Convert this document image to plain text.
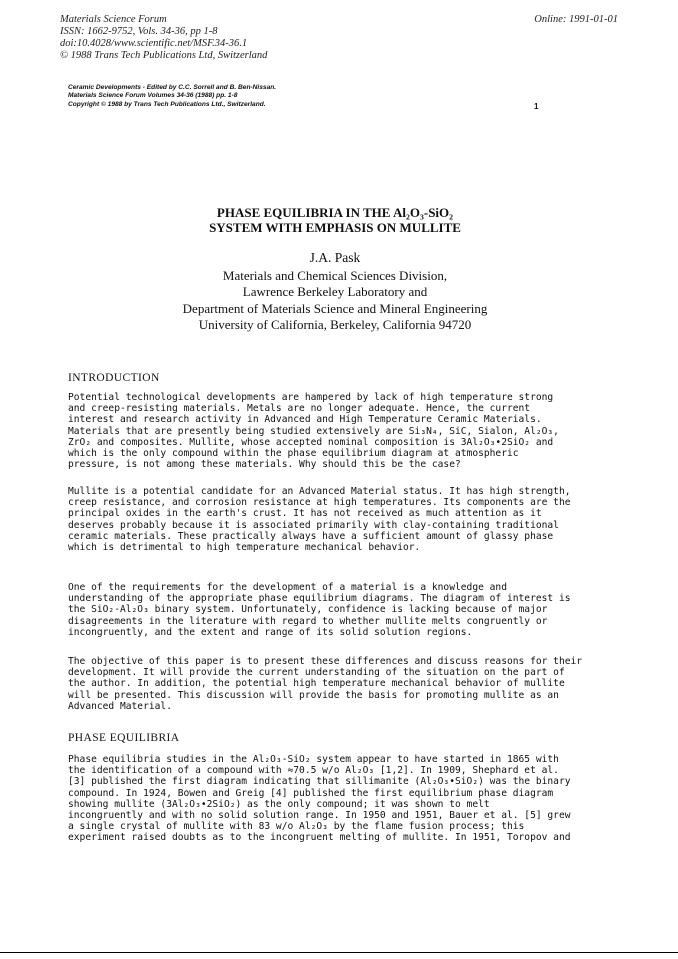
Materials Science Forum
ISSN: 1662-9752, Vols. 34-36, pp 1-8
doi:10.4028/www.scientific.net/MSF.34-36.1
© 1988 Trans Tech Publications Ltd, Switzerland
Online: 1991-01-01
Ceramic Developments - Edited by C.C. Sorrell and B. Ben-Nissan.
Materials Science Forum Volumes 34-36 (1988) pp. 1-8
Copyright © 1988 by Trans Tech Publications Ltd., Switzerland.	1
PHASE EQUILIBRIA IN THE Al₂O₃-SiO₂
SYSTEM WITH EMPHASIS ON MULLITE
J.A. Pask
Materials and Chemical Sciences Division,
Lawrence Berkeley Laboratory and
Department of Materials Science and Mineral Engineering
University of California, Berkeley, California 94720
INTRODUCTION

Potential technological developments are hampered by lack of high temperature strong
and creep-resisting materials. Metals are no longer adequate. Hence, the current
interest and research activity in Advanced and High Temperature Ceramic Materials.
Materials that are presently being studied extensively are Si₃N₄, SiC, Sialon, Al₂O₃,
ZrO₂ and composites. Mullite, whose accepted nominal composition is 3Al₂O₃•2SiO₂ and
which is the only compound within the phase equilibrium diagram at atmospheric
pressure, is not among these materials. Why should this be the case?

Mullite is a potential candidate for an Advanced Material status. It has high strength,
creep resistance, and corrosion resistance at high temperatures. Its components are the
principal oxides in the earth's crust. It has not received as much attention as it
deserves probably because it is associated primarily with clay-containing traditional
ceramic materials. These practically always have a sufficient amount of glassy phase
which is detrimental to high temperature mechanical behavior.

One of the requirements for the development of a material is a knowledge and
understanding of the appropriate phase equilibrium diagrams. The diagram of interest is
the SiO₂-Al₂O₃ binary system. Unfortunately, confidence is lacking because of major
disagreements in the literature with regard to whether mullite melts congruently or
incongruently, and the extent and range of its solid solution regions.

The objective of this paper is to present these differences and discuss reasons for their
development. It will provide the current understanding of the situation on the part of
the author. In addition, the potential high temperature mechanical behavior of mullite
will be presented. This discussion will provide the basis for promoting mullite as an
Advanced Material.

PHASE EQUILIBRIA

Phase equilibria studies in the Al₂O₃-SiO₂ system appear to have started in 1865 with
the identification of a compound with ≈70.5 w/o Al₂O₃ [1,2]. In 1909, Shephard et al.
[3] published the first diagram indicating that sillimanite (Al₂O₃•SiO₂) was the binary
compound. In 1924, Bowen and Greig [4] published the first equilibrium phase diagram
showing mullite (3Al₂O₃•2SiO₂) as the only compound; it was shown to melt
incongruently and with no solid solution range. In 1950 and 1951, Bauer et al. [5] grew
a single crystal of mullite with 83 w/o Al₂O₃ by the flame fusion process; this
experiment raised doubts as to the incongruent melting of mullite. In 1951, Toropov and
